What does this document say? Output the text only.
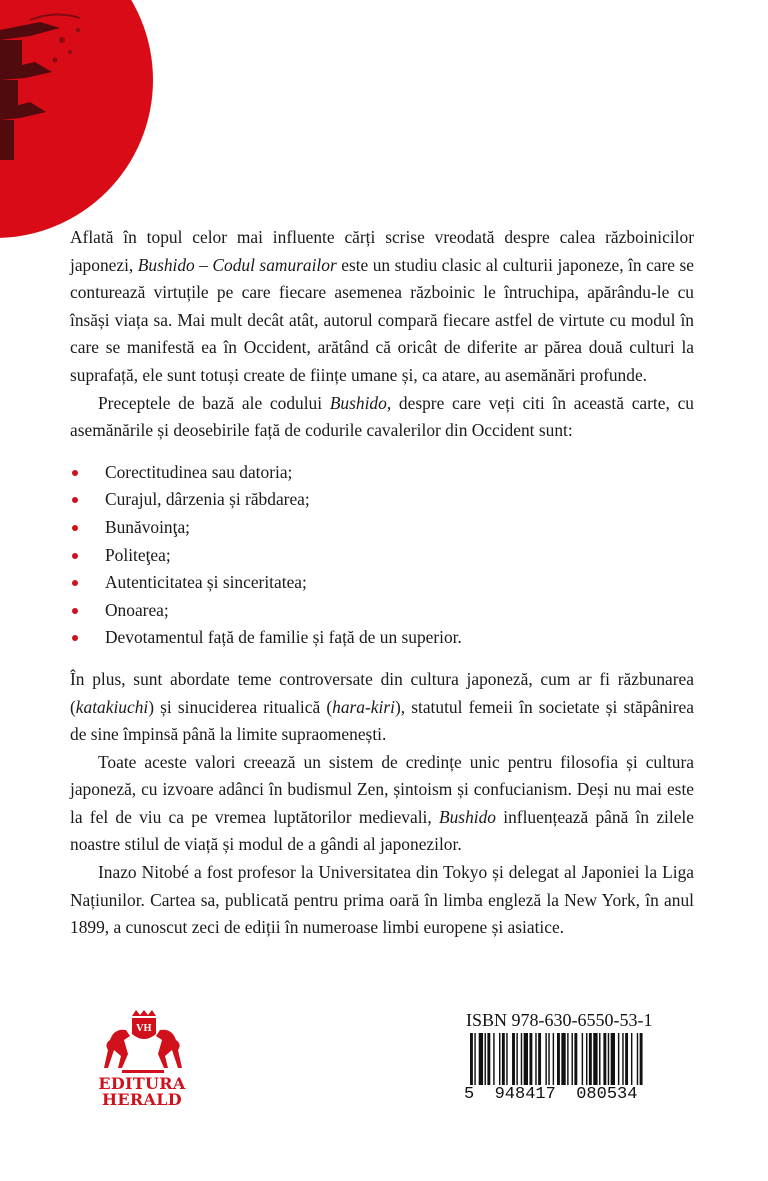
Aflată în topul celor mai influente cărți scrise vreodată despre calea războinicilor japonezi, Bushido – Codul samurailor este un studiu clasic al culturii japoneze, în care se conturează virtuțile pe care fiecare asemenea războinic le întruchipa, apărându-le cu însăși viața sa. Mai mult decât atât, autorul compară fiecare astfel de virtute cu modul în care se manifestă ea în Occident, arătând că oricât de diferite ar părea două culturi la suprafață, ele sunt totuși create de ființe umane și, ca atare, au asemănări profunde.

Preceptele de bază ale codului Bushido, despre care veți citi în această carte, cu asemănările și deosebirile față de codurile cavalerilor din Occident sunt:

Corectitudinea sau datoria;
Curajul, dârzenia și răbdarea;
Bunăvoinţa;
Politeţea;
Autenticitatea și sinceritatea;
Onoarea;
Devotamentul față de familie și față de un superior.

În plus, sunt abordate teme controversate din cultura japoneză, cum ar fi răzbunarea (katakiuchi) și sinuciderea ritualică (hara-kiri), statutul femeii în societate și stăpânirea de sine împinsă până la limite supraomenești.

Toate aceste valori creează un sistem de credințe unic pentru filosofia și cultura japoneză, cu izvoare adânci în budismul Zen, șintoism și confucianism. Deși nu mai este la fel de viu ca pe vremea luptătorilor medievali, Bushido influențează până în zilele noastre stilul de viață și modul de a gândi al japonezilor.

Inazo Nitobé a fost profesor la Universitatea din Tokyo și delegat al Japoniei la Liga Națiunilor. Cartea sa, publicată pentru prima oară în limba engleză la New York, în anul 1899, a cunoscut zeci de ediții în numeroase limbi europene și asiatice.

VH
EDITURA
HERALD
ISBN 978-630-6550-53-1
5  948417  080534
